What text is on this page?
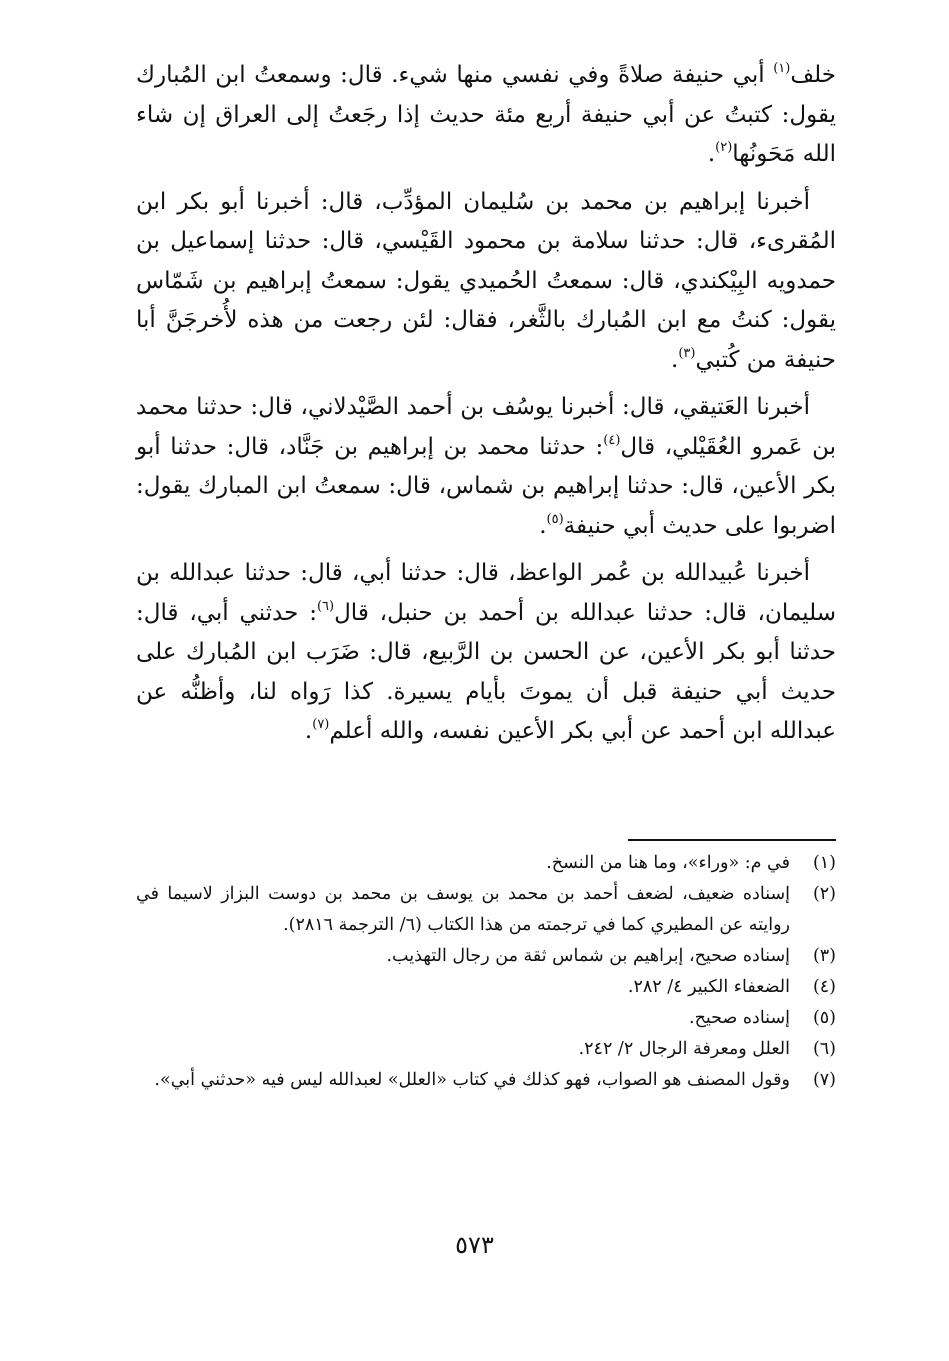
خلف$^{(١)}$ أبي حنيفة صلاةً وفي نفسي منها شيء. قال: وسمعتُ ابن المُبارك يقول: كتبتُ عن أبي حنيفة أربع مئة حديث إذا رجَعتُ إلى العراق إن شاء الله مَحَونُها$^{(٢)}$.

أخبرنا إبراهيم بن محمد بن سُليمان المؤدِّب، قال: أخبرنا أبو بكر ابن المُقرىء، قال: حدثنا سلامة بن محمود القَيْسي، قال: حدثنا إسماعيل بن حمدويه البِيْكندي، قال: سمعتُ الحُميدي يقول: سمعتُ إبراهيم بن شَمّاس يقول: كنتُ مع ابن المُبارك بالثَّغر، فقال: لئن رجعت من هذه لأُخرجَنَّ أبا حنيفة من كُتبي$^{(٣)}$.

أخبرنا العَتيقي، قال: أخبرنا يوسُف بن أحمد الصَّيْدلاني، قال: حدثنا محمد بن عَمرو العُقَيْلي، قال$^{(٤)}$: حدثنا محمد بن إبراهيم بن جَنَّاد، قال: حدثنا أبو بكر الأعين، قال: حدثنا إبراهيم بن شماس، قال: سمعتُ ابن المبارك يقول: اضربوا على حديث أبي حنيفة$^{(٥)}$.

أخبرنا عُبيدالله بن عُمر الواعظ، قال: حدثنا أبي، قال: حدثنا عبدالله بن سليمان، قال: حدثنا عبدالله بن أحمد بن حنبل، قال$^{(٦)}$: حدثني أبي، قال: حدثنا أبو بكر الأعين، عن الحسن بن الرَّبيع، قال: ضَرَب ابن المُبارك على حديث أبي حنيفة قبل أن يموتَ بأيام يسيرة. كذا رَواه لنا، وأظنُّه عن عبدالله ابن أحمد عن أبي بكر الأعين نفسه، والله أعلم$^{(٧)}$.

(١)
في م: «وراء»، وما هنا من النسخ.
(٢)
إسناده ضعيف، لضعف أحمد بن محمد بن يوسف بن محمد بن دوست البزاز لاسيما في روايته عن المطيري كما في ترجمته من هذا الكتاب (٦/ الترجمة ٢٨١٦).
(٣)
إسناده صحيح، إبراهيم بن شماس ثقة من رجال التهذيب.
(٤)
الضعفاء الكبير ٤/ ٢٨٢.
(٥)
إسناده صحيح.
(٦)
العلل ومعرفة الرجال ٢/ ٢٤٢.
(٧)
وقول المصنف هو الصواب، فهو كذلك في كتاب «العلل» لعبدالله ليس فيه «حدثني أبي».
٥٧٣
